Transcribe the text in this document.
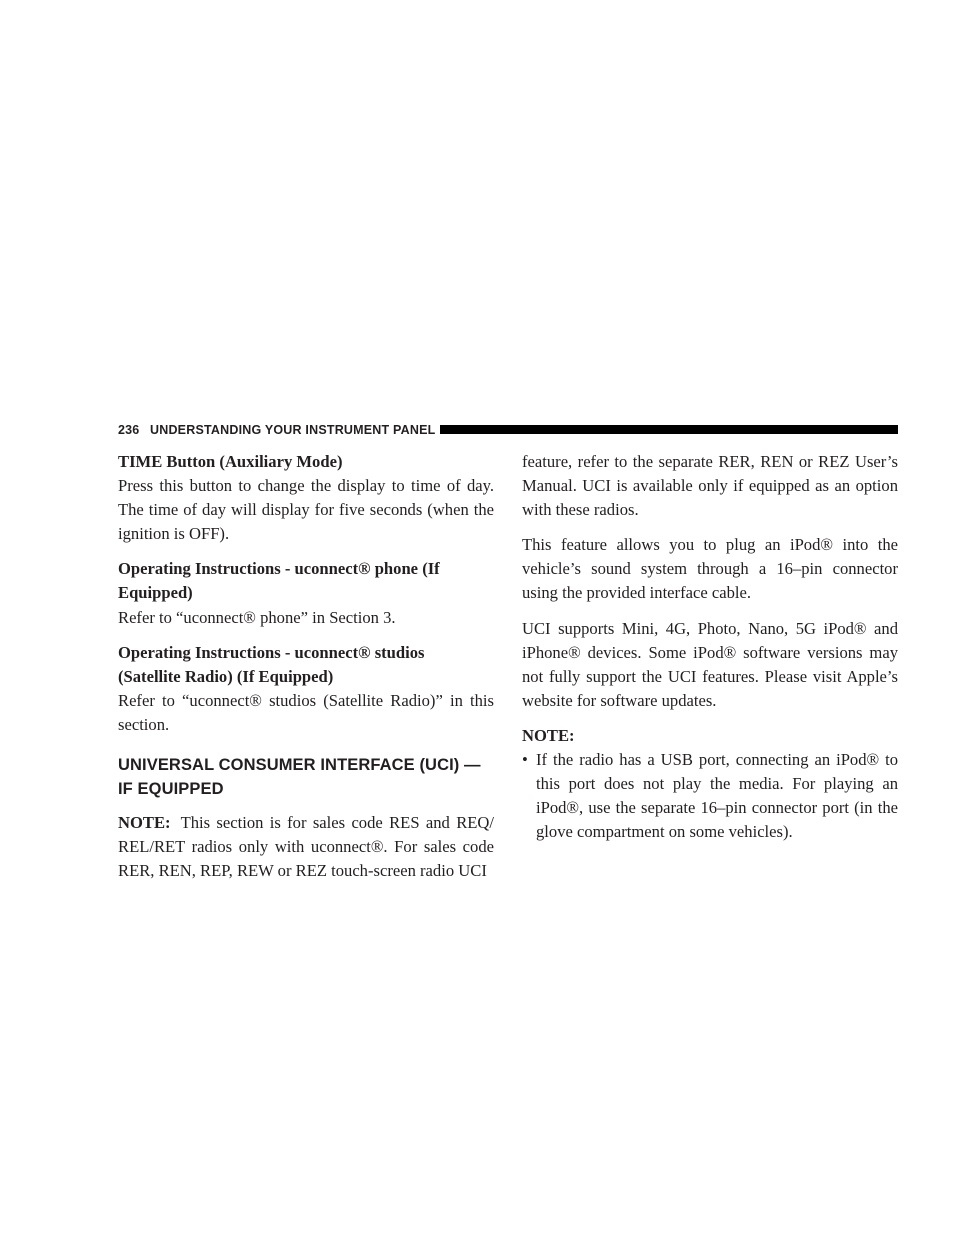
236 UNDERSTANDING YOUR INSTRUMENT PANEL

TIME Button (Auxiliary Mode)

Press this button to change the display to time of day. The time of day will display for five seconds (when the ignition is OFF).

Operating Instructions - uconnect® phone (If

Equipped)

Refer to “uconnect® phone” in Section 3.

Operating Instructions - uconnect® studios

(Satellite Radio) (If Equipped)

Refer to “uconnect® studios (Satellite Radio)” in this section.

UNIVERSAL CONSUMER INTERFACE (UCI) — IF EQUIPPED

NOTE: This section is for sales code RES and REQ/ REL/RET radios only with uconnect®. For sales code RER, REN, REP, REW or REZ touch-screen radio UCI

feature, refer to the separate RER, REN or REZ User’s Manual. UCI is available only if equipped as an option with these radios.

This feature allows you to plug an iPod® into the vehicle’s sound system through a 16–pin connector using the provided interface cable.

UCI supports Mini, 4G, Photo, Nano, 5G iPod® and iPhone® devices. Some iPod® software versions may not fully support the UCI features. Please visit Apple’s website for software updates.

NOTE:

• If the radio has a USB port, connecting an iPod® to this port does not play the media. For playing an iPod®, use the separate 16–pin connector port (in the glove compartment on some vehicles).
